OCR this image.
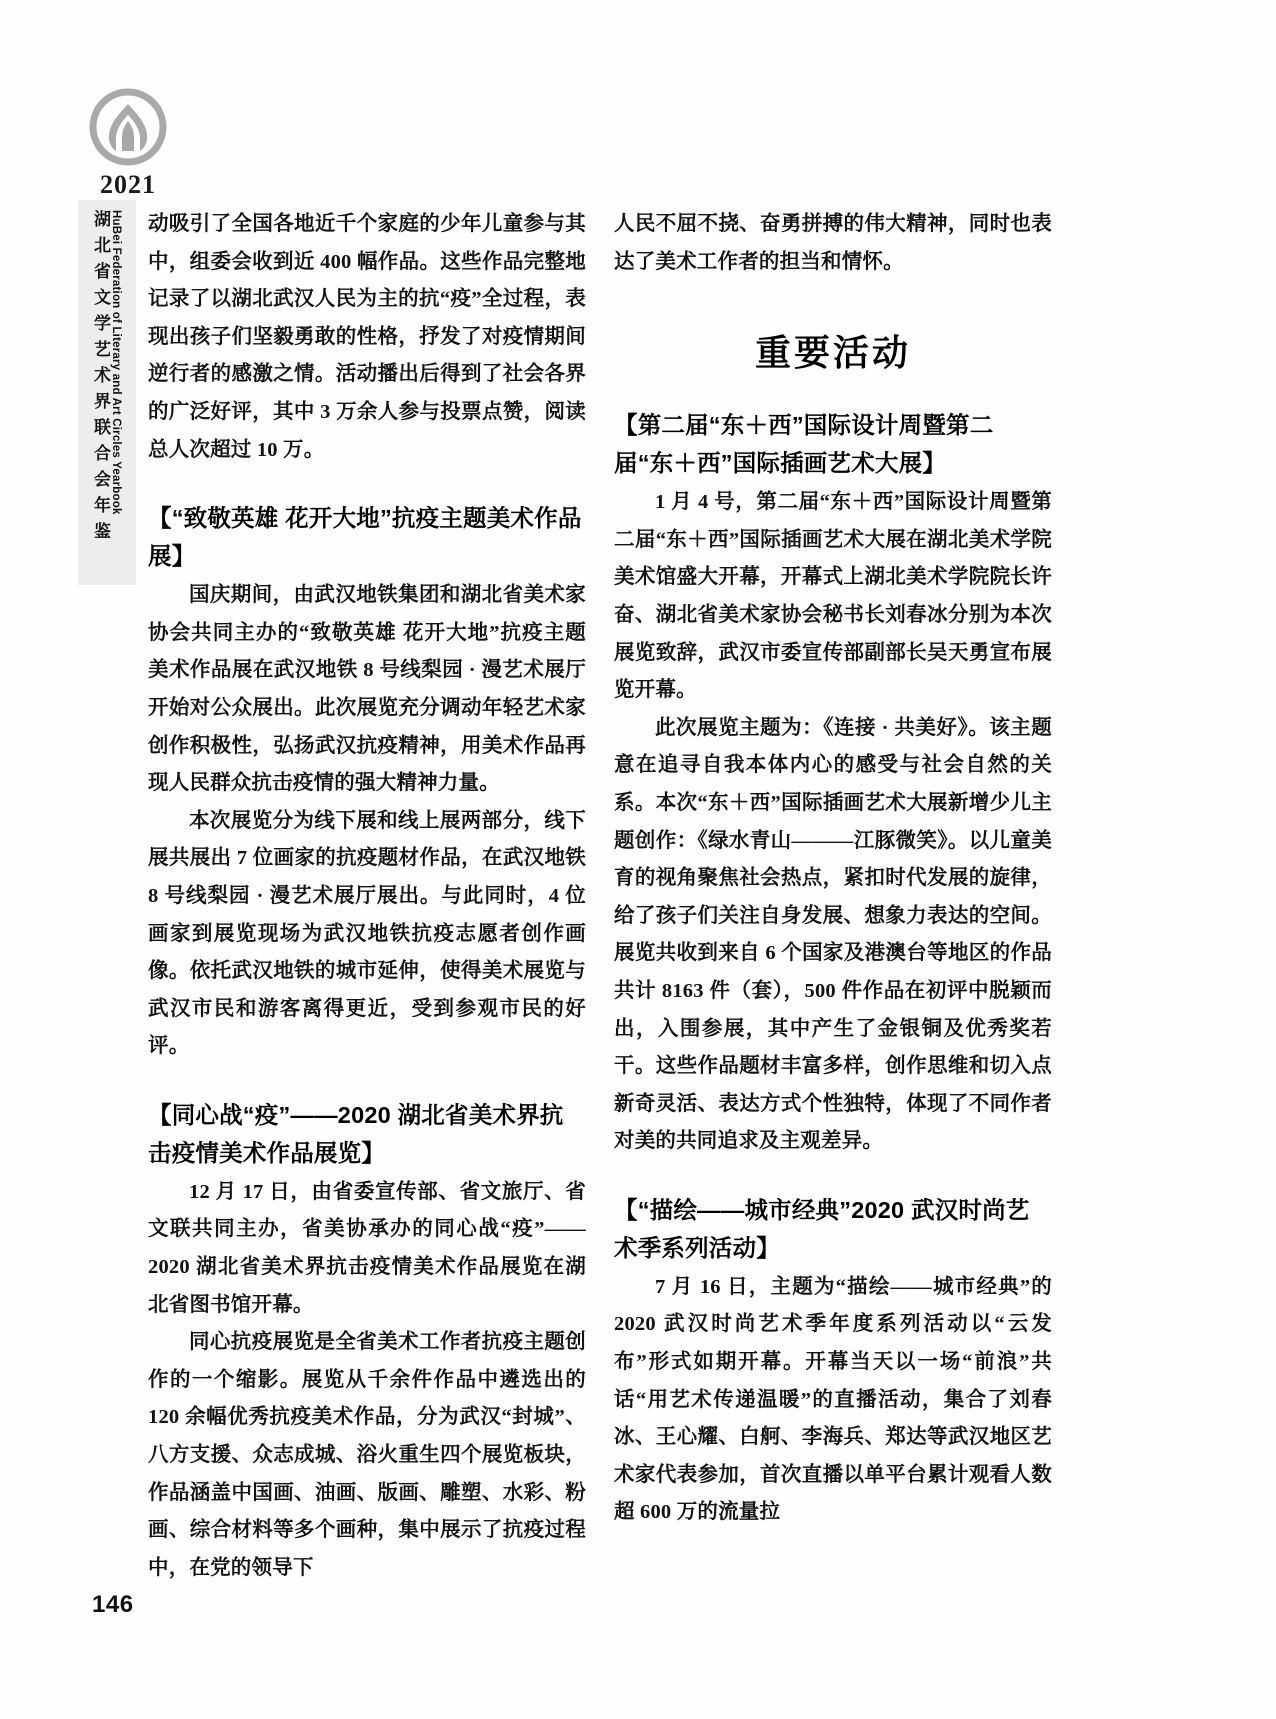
2021
HuBei Federation of Literary and Art Circles Yearbook
湖北省文学艺术界联合会年鉴 动吸引了全国各地近千个家庭的少年儿童参与其中，组委会收到近 400 幅作品。这些作品完整地记录了以湖北武汉人民为主的抗“疫”全过程，表现出孩子们坚毅勇敢的性格，抒发了对疫情期间逆行者的感激之情。活动播出后得到了社会各界的广泛好评，其中 3 万余人参与投票点赞，阅读总人次超过 10 万。

【“致敬英雄 花开大地”抗疫主题美术作品展】

国庆期间，由武汉地铁集团和湖北省美术家协会共同主办的“致敬英雄 花开大地”抗疫主题美术作品展在武汉地铁 8 号线梨园 · 漫艺术展厅开始对公众展出。此次展览充分调动年轻艺术家创作积极性，弘扬武汉抗疫精神，用美术作品再现人民群众抗击疫情的强大精神力量。

本次展览分为线下展和线上展两部分，线下展共展出 7 位画家的抗疫题材作品，在武汉地铁 8 号线梨园 · 漫艺术展厅展出。与此同时，4 位画家到展览现场为武汉地铁抗疫志愿者创作画像。依托武汉地铁的城市延伸，使得美术展览与武汉市民和游客离得更近，受到参观市民的好评。

【同心战“疫”——2020 湖北省美术界抗击疫情美术作品展览】

12 月 17 日，由省委宣传部、省文旅厅、省文联共同主办，省美协承办的同心战“疫”——2020 湖北省美术界抗击疫情美术作品展览在湖北省图书馆开幕。

同心抗疫展览是全省美术工作者抗疫主题创作的一个缩影。展览从千余件作品中遴选出的 120 余幅优秀抗疫美术作品，分为武汉“封城”、八方支援、众志成城、浴火重生四个展览板块，作品涵盖中国画、油画、版画、雕塑、水彩、粉画、综合材料等多个画种，集中展示了抗疫过程中，在党的领导下

人民不屈不挠、奋勇拼搏的伟大精神，同时也表达了美术工作者的担当和情怀。

重要活动
【第二届“东＋西”国际设计周暨第二届“东＋西”国际插画艺术大展】

1 月 4 号，第二届“东＋西”国际设计周暨第二届“东＋西”国际插画艺术大展在湖北美术学院美术馆盛大开幕，开幕式上湖北美术学院院长许奋、湖北省美术家协会秘书长刘春冰分别为本次展览致辞，武汉市委宣传部副部长吴天勇宣布展览开幕。

此次展览主题为：《连接 · 共美好》。该主题意在追寻自我本体内心的感受与社会自然的关系。本次“东＋西”国际插画艺术大展新增少儿主题创作：《绿水青山———江豚微笑》。以儿童美育的视角聚焦社会热点，紧扣时代发展的旋律，给了孩子们关注自身发展、想象力表达的空间。展览共收到来自 6 个国家及港澳台等地区的作品共计 8163 件（套），500 件作品在初评中脱颖而出，入围参展，其中产生了金银铜及优秀奖若干。这些作品题材丰富多样，创作思维和切入点新奇灵活、表达方式个性独特，体现了不同作者对美的共同追求及主观差异。

【“描绘——城市经典”2020 武汉时尚艺术季系列活动】

7 月 16 日，主题为“描绘——城市经典”的 2020 武汉时尚艺术季年度系列活动以“云发布”形式如期开幕。开幕当天以一场“前浪”共话“用艺术传递温暖”的直播活动，集合了刘春冰、王心耀、白舸、李海兵、郑达等武汉地区艺术家代表参加，首次直播以单平台累计观看人数超 600 万的流量拉

146
